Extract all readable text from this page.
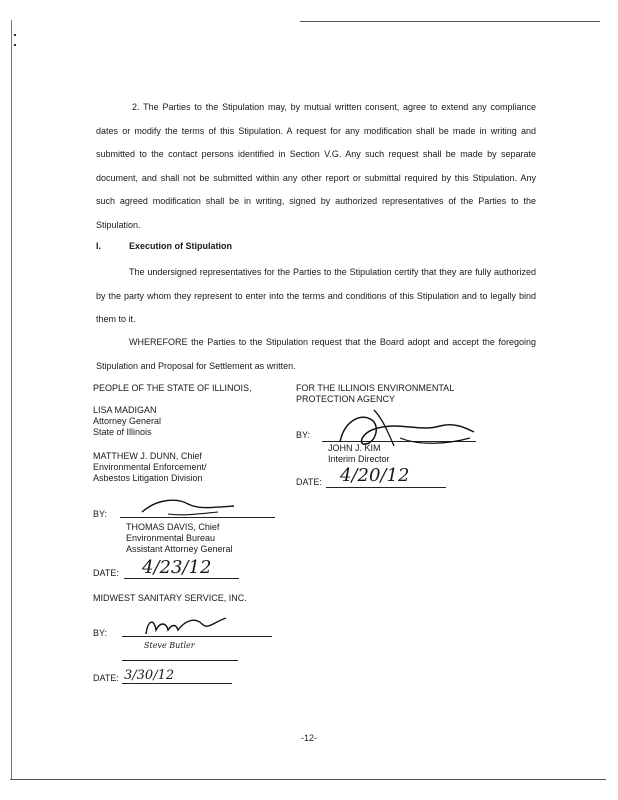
2. The Parties to the Stipulation may, by mutual written consent, agree to extend any compliance dates or modify the terms of this Stipulation. A request for any modification shall be made in writing and submitted to the contact persons identified in Section V.G. Any such request shall be made by separate document, and shall not be submitted within any other report or submittal required by this Stipulation. Any such agreed modification shall be in writing, signed by authorized representatives of the Parties to the Stipulation.

I.	Execution of Stipulation

The undersigned representatives for the Parties to the Stipulation certify that they are fully authorized by the party whom they represent to enter into the terms and conditions of this Stipulation and to legally bind them to it.

WHEREFORE the Parties to the Stipulation request that the Board adopt and accept the foregoing Stipulation and Proposal for Settlement as written.

PEOPLE OF THE STATE OF ILLINOIS,
LISA MADIGAN
Attorney General
State of Illinois
MATTHEW J. DUNN, Chief
Environmental Enforcement/
Asbestos Litigation Division
BY:
THOMAS DAVIS, Chief
Environmental Bureau
Assistant Attorney General
DATE: 4/23/12
FOR THE ILLINOIS ENVIRONMENTAL
PROTECTION AGENCY
BY:
JOHN J. KIM
Interim Director
DATE: 4/20/12
MIDWEST SANITARY SERVICE, INC.
BY:
Steve Butler
DATE: 3/30/12
-12-
